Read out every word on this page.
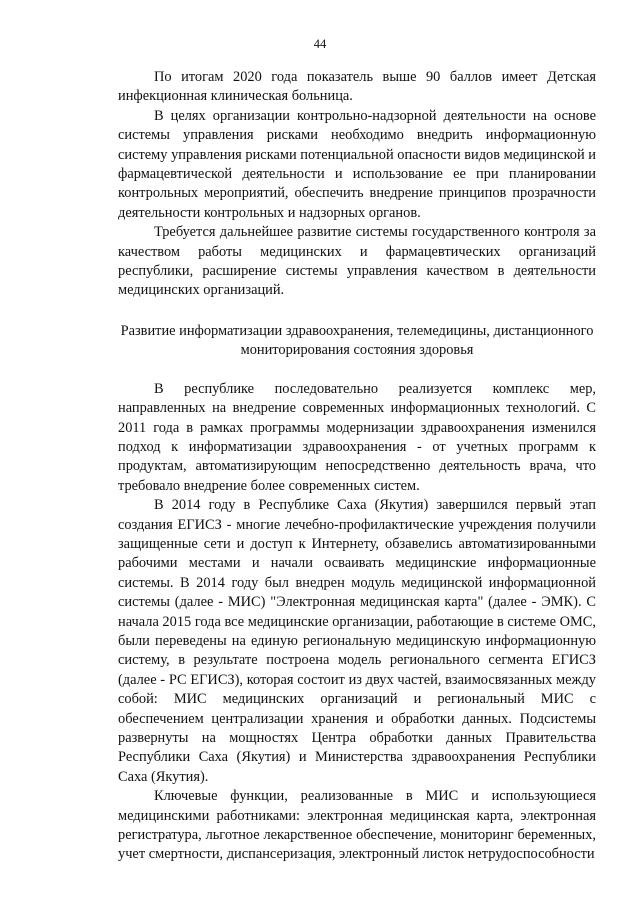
44

По итогам 2020 года показатель выше 90 баллов имеет Детская инфекционная клиническая больница.

В целях организации контрольно-надзорной деятельности на основе системы управления рисками необходимо внедрить информационную систему управления рисками потенциальной опасности видов медицинской и фармацевтической деятельности и использование ее при планировании контрольных мероприятий, обеспечить внедрение принципов прозрачности деятельности контрольных и надзорных органов.

Требуется дальнейшее развитие системы государственного контроля за качеством работы медицинских и фармацевтических организаций республики, расширение системы управления качеством в деятельности медицинских организаций.

Развитие информатизации здравоохранения, телемедицины, дистанционного мониторирования состояния здоровья

В республике последовательно реализуется комплекс мер, направленных на внедрение современных информационных технологий. С 2011 года в рамках программы модернизации здравоохранения изменился подход к информатизации здравоохранения - от учетных программ к продуктам, автоматизирующим непосредственно деятельность врача, что требовало внедрение более современных систем.

В 2014 году в Республике Саха (Якутия) завершился первый этап создания ЕГИСЗ - многие лечебно-профилактические учреждения получили защищенные сети и доступ к Интернету, обзавелись автоматизированными рабочими местами и начали осваивать медицинские информационные системы. В 2014 году был внедрен модуль медицинской информационной системы (далее - МИС) "Электронная медицинская карта" (далее - ЭМК). С начала 2015 года все медицинские организации, работающие в системе ОМС, были переведены на единую региональную медицинскую информационную систему, в результате построена модель регионального сегмента ЕГИСЗ (далее - РС ЕГИСЗ), которая состоит из двух частей, взаимосвязанных между собой: МИС медицинских организаций и региональный МИС с обеспечением централизации хранения и обработки данных. Подсистемы развернуты на мощностях Центра обработки данных Правительства Республики Саха (Якутия) и Министерства здравоохранения Республики Саха (Якутия).

Ключевые функции, реализованные в МИС и использующиеся медицинскими работниками: электронная медицинская карта, электронная регистратура, льготное лекарственное обеспечение, мониторинг беременных, учет смертности, диспансеризация, электронный листок нетрудоспособности
